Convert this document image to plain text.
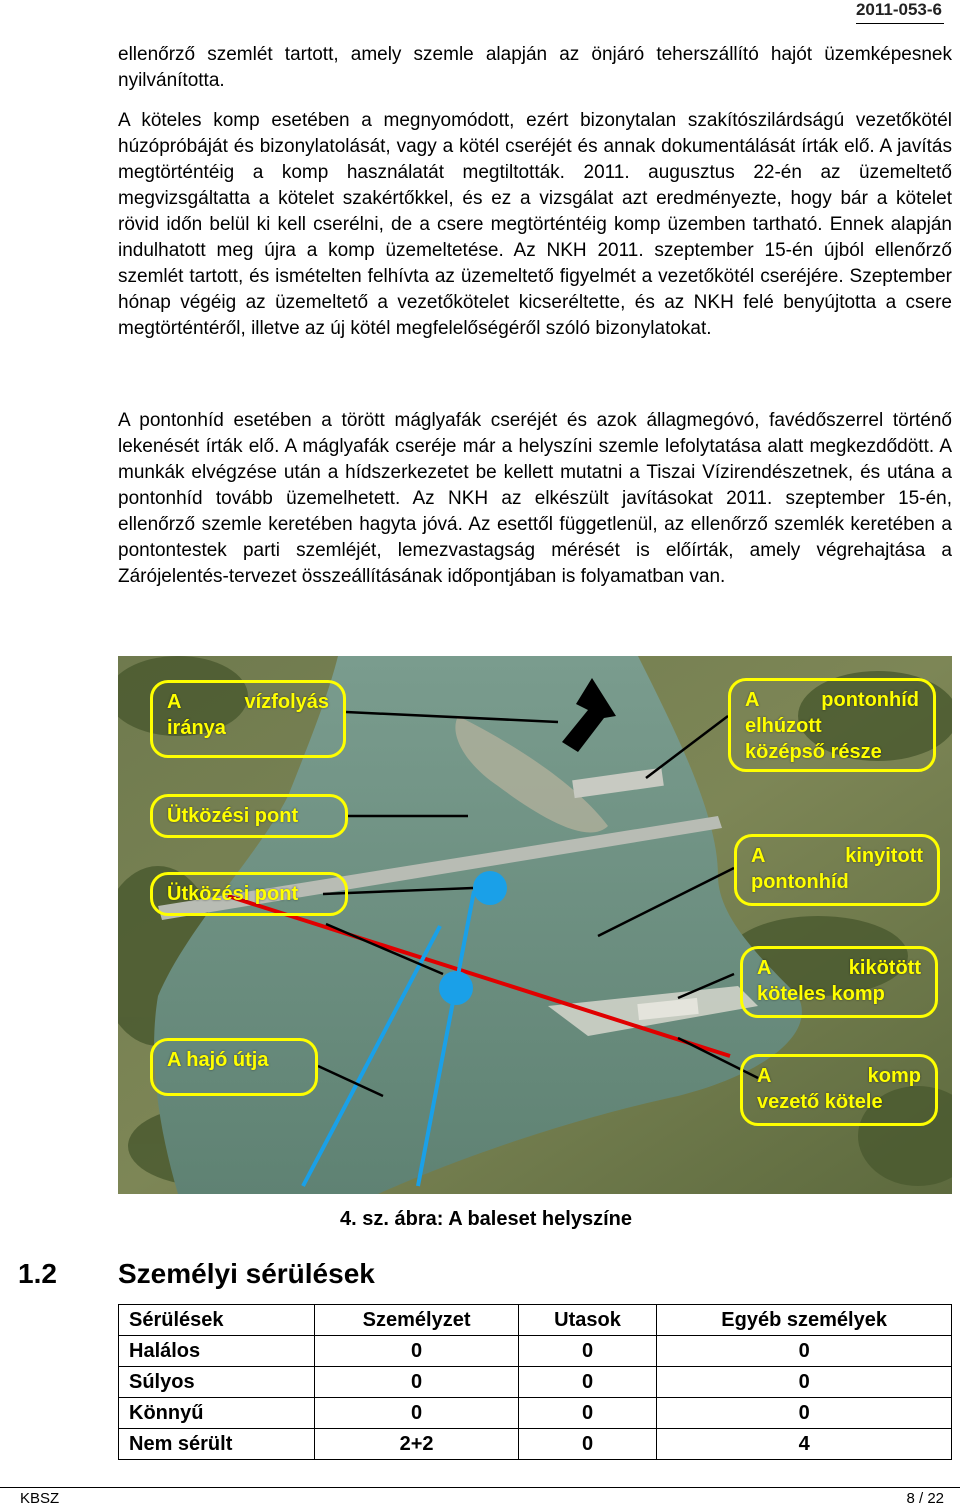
2011-053-6

ellenőrző szemlét tartott, amely szemle alapján az önjáró teherszállító hajót üzemképesnek nyilvánította.

A köteles komp esetében a megnyomódott, ezért bizonytalan szakítószilárdságú vezetőkötél húzópróbáját és bizonylatolását, vagy a kötél cseréjét és annak dokumentálását írták elő. A javítás megtörténtéig a komp használatát megtiltották. 2011. augusztus 22-én az üzemeltető megvizsgáltatta a kötelet szakértőkkel, és ez a vizsgálat azt eredményezte, hogy bár a kötelet rövid időn belül ki kell cserélni, de a csere megtörténtéig komp üzemben tartható. Ennek alapján indulhatott meg újra a komp üzemeltetése. Az NKH 2011. szeptember 15-én újból ellenőrző szemlét tartott, és ismételten felhívta az üzemeltető figyelmét a vezetőkötél cseréjére. Szeptember hónap végéig az üzemeltető a vezetőkötelet kicseréltette, és az NKH felé benyújtotta a csere megtörténtéről, illetve az új kötél megfelelőségéről szóló bizonylatokat.

A pontonhíd esetében a törött máglyafák cseréjét és azok állagmegóvó, favédőszerrel történő lekenését írták elő. A máglyafák cseréje már a helyszíni szemle lefolytatása alatt megkezdődött. A munkák elvégzése után a hídszerkezetet be kellett mutatni a Tiszai Vízirendészetnek, és utána a pontonhíd tovább üzemelhetett. Az NKH az elkészült javításokat 2011. szeptember 15-én, ellenőrző szemle keretében hagyta jóvá. Az esettől függetlenül, az ellenőrző szemlék keretében a pontontestek parti szemléjét, lemezvastagság mérését is előírták, amely végrehajtása a Zárójelentés-tervezet összeállításának időpontjában is folyamatban van.

A vízfolyás
iránya
Ütközési pont
Ütközési pont
A hajó útja
A pontonhíd
elhúzott
középső része
A kinyitott
pontonhíd
A kikötött
köteles komp
A komp
vezető kötele
4. sz. ábra: A baleset helyszíne
1.2 Személyi sérülések
Sérülések	Személyzet	Utasok	Egyéb személyek
Halálos	0	0	0
Súlyos	0	0	0
Könnyű	0	0	0
Nem sérült	2+2	0	4
KBSZ	8 / 22
